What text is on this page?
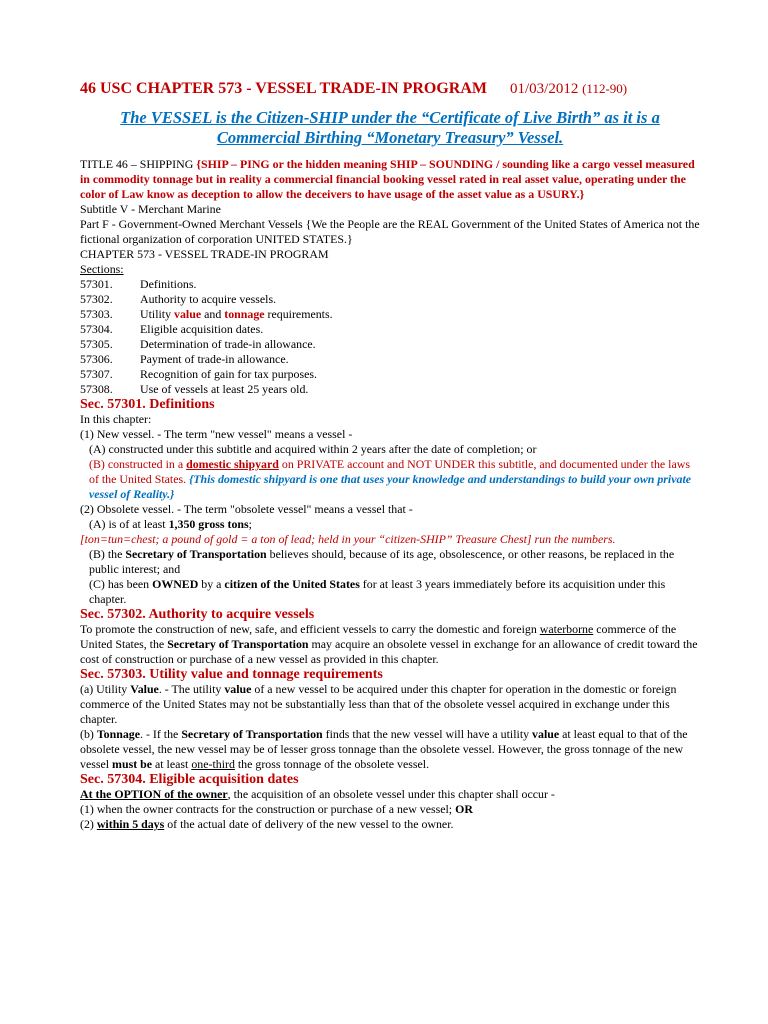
46 USC CHAPTER 573 - VESSEL TRADE-IN PROGRAM 01/03/2012 (112-90)
The VESSEL is the Citizen-SHIP under the “Certificate of Live Birth” as it is a
Commercial Birthing “Monetary Treasury” Vessel.

TITLE 46 – SHIPPING {SHIP – PING or the hidden meaning SHIP – SOUNDING / sounding like a cargo vessel measured in commodity tonnage but in reality a commercial financial booking vessel rated in real asset value, operating under the color of Law know as deception to allow the deceivers to have usage of the asset value as a USURY.}

Subtitle V - Merchant Marine

Part F - Government-Owned Merchant Vessels {We the People are the REAL Government of the United States of America not the fictional organization of corporation UNITED STATES.}

CHAPTER 573 - VESSEL TRADE-IN PROGRAM

Sections:

57301.	Definitions.
57302.	Authority to acquire vessels.
57303.	Utility value and tonnage requirements.
57304.	Eligible acquisition dates.
57305.	Determination of trade-in allowance.
57306.	Payment of trade-in allowance.
57307.	Recognition of gain for tax purposes.
57308.	Use of vessels at least 25 years old.

Sec. 57301. Definitions

In this chapter:

(1) New vessel. - The term "new vessel" means a vessel -

(A) constructed under this subtitle and acquired within 2 years after the date of completion; or

(B) constructed in a domestic shipyard on PRIVATE account and NOT UNDER this subtitle, and documented under the laws of the United States. {This domestic shipyard is one that uses your knowledge and understandings to build your own private vessel of Reality.}

(2) Obsolete vessel. - The term "obsolete vessel" means a vessel that -

(A) is of at least 1,350 gross tons;

[ton=tun=chest; a pound of gold = a ton of lead; held in your “citizen-SHIP” Treasure Chest] run the numbers.

(B) the Secretary of Transportation believes should, because of its age, obsolescence, or other reasons, be replaced in the public interest; and

(C) has been OWNED by a citizen of the United States for at least 3 years immediately before its acquisition under this chapter.

Sec. 57302. Authority to acquire vessels

To promote the construction of new, safe, and efficient vessels to carry the domestic and foreign waterborne commerce of the United States, the Secretary of Transportation may acquire an obsolete vessel in exchange for an allowance of credit toward the cost of construction or purchase of a new vessel as provided in this chapter.

Sec. 57303. Utility value and tonnage requirements

(a) Utility Value. - The utility value of a new vessel to be acquired under this chapter for operation in the domestic or foreign commerce of the United States may not be substantially less than that of the obsolete vessel acquired in exchange under this chapter.

(b) Tonnage. - If the Secretary of Transportation finds that the new vessel will have a utility value at least equal to that of the obsolete vessel, the new vessel may be of lesser gross tonnage than the obsolete vessel. However, the gross tonnage of the new vessel must be at least one-third the gross tonnage of the obsolete vessel.

Sec. 57304. Eligible acquisition dates

At the OPTION of the owner, the acquisition of an obsolete vessel under this chapter shall occur -

(1) when the owner contracts for the construction or purchase of a new vessel; OR

(2) within 5 days of the actual date of delivery of the new vessel to the owner.
